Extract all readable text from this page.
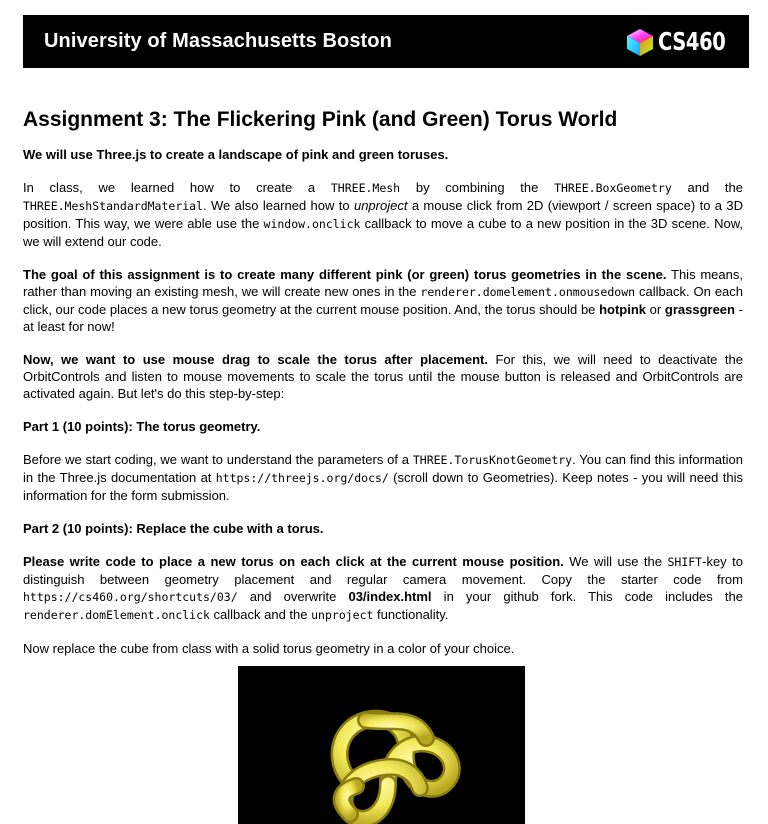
University of Massachusetts Boston	CS460
Assignment 3: The Flickering Pink (and Green) Torus World

We will use Three.js to create a landscape of pink and green toruses.

In class, we learned how to create a THREE.Mesh by combining the THREE.BoxGeometry and the THREE.MeshStandardMaterial. We also learned how to unproject a mouse click from 2D (viewport / screen space) to a 3D position. This way, we were able use the window.onclick callback to move a cube to a new position in the 3D scene. Now, we will extend our code.

The goal of this assignment is to create many different pink (or green) torus geometries in the scene. This means, rather than moving an existing mesh, we will create new ones in the renderer.domelement.onmousedown callback. On each click, our code places a new torus geometry at the current mouse position. And, the torus should be hotpink or grassgreen - at least for now!

Now, we want to use mouse drag to scale the torus after placement. For this, we will need to deactivate the OrbitControls and listen to mouse movements to scale the torus until the mouse button is released and OrbitControls are activated again. But let's do this step-by-step:

Part 1 (10 points): The torus geometry.

Before we start coding, we want to understand the parameters of a THREE.TorusKnotGeometry. You can find this information in the Three.js documentation at https://threejs.org/docs/ (scroll down to Geometries). Keep notes - you will need this information for the form submission.

Part 2 (10 points): Replace the cube with a torus.

Please write code to place a new torus on each click at the current mouse position. We will use the SHIFT-key to distinguish between geometry placement and regular camera movement. Copy the starter code from https://cs460.org/shortcuts/03/ and overwrite 03/index.html in your github fork. This code includes the renderer.domElement.onclick callback and the unproject functionality.

Now replace the cube from class with a solid torus geometry in a color of your choice.
